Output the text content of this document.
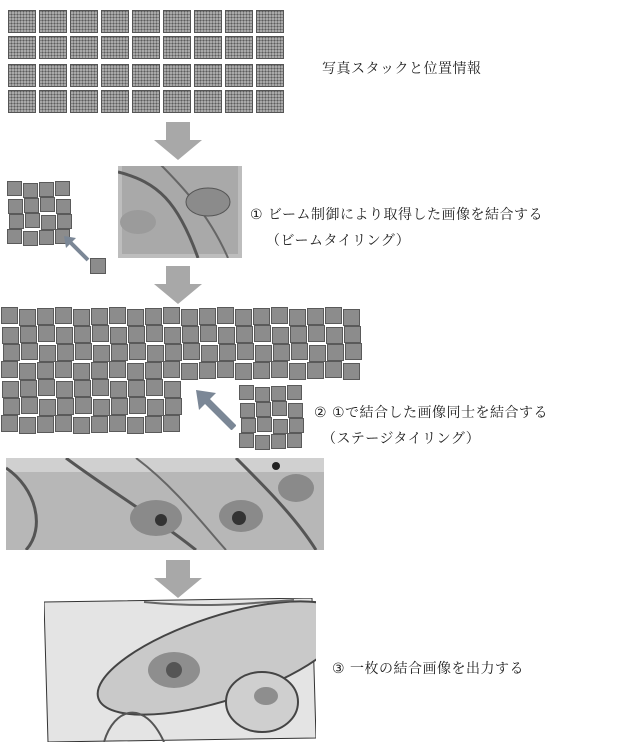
写真スタックと位置情報
① ビーム制御により取得した画像を結合する
（ビームタイリング）
② ①で結合した画像同士を結合する
（ステージタイリング）
③ 一枚の結合画像を出力する
